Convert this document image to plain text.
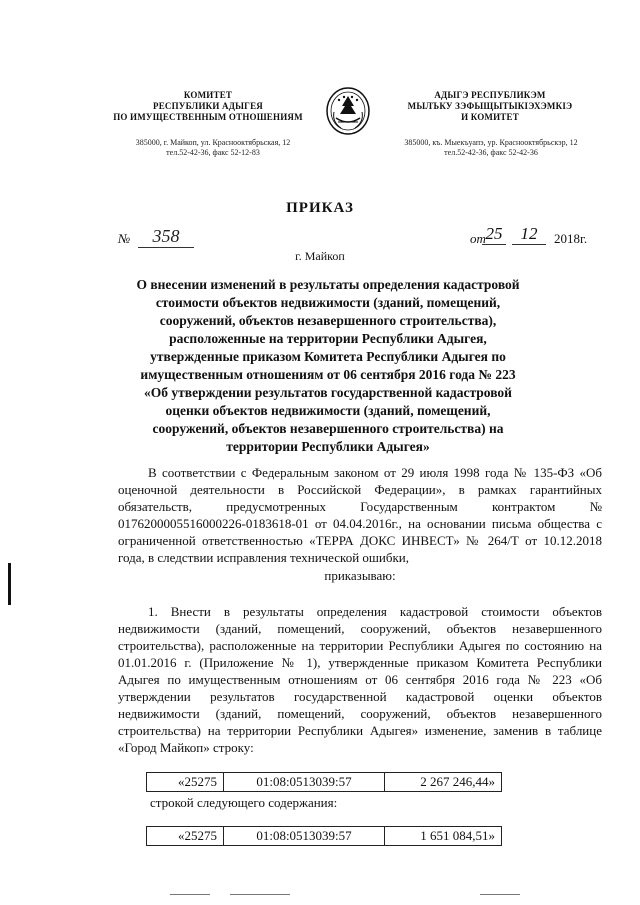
КОМИТЕТ
РЕСПУБЛИКИ АДЫГЕЯ
ПО ИМУЩЕСТВЕННЫМ ОТНОШЕНИЯМ
385000, г. Майкоп, ул. Краснооктябрьская, 12
тел.52-42-36, факс 52-12-83
АДЫГЭ РЕСПУБЛИКЭМ
МЫЛЪКУ ЗЭФЫЩЫТЫКІЭХЭМКІЭ
И КОМИТЕТ
385000, къ. Мыекъуапэ, ур. Краснооктябрьскэр, 12
тел.52-42-36, факс 52-42-36
ПРИКАЗ
№	358	от 25	12	2018г.
г. Майкоп
О внесении изменений в результаты определения кадастровой стоимости объектов недвижимости (зданий, помещений, сооружений, объектов незавершенного строительства), расположенные на территории Республики Адыгея, утвержденные приказом Комитета Республики Адыгея по имущественным отношениям от 06 сентября 2016 года № 223 «Об утверждении результатов государственной кадастровой оценки объектов недвижимости (зданий, помещений, сооружений, объектов незавершенного строительства) на территории Республики Адыгея»
В соответствии с Федеральным законом от 29 июля 1998 года № 135-ФЗ «Об оценочной деятельности в Российской Федерации», в рамках гарантийных обязательств, предусмотренных Государственным контрактом № 0176200005516000226-0183618-01 от 04.04.2016г., на основании письма общества с ограниченной ответственностью «ТЕРРА ДОКС ИНВЕСТ» № 264/Т от 10.12.2018 года, в следствии исправления технической ошибки,
приказываю:
1. Внести в результаты определения кадастровой стоимости объектов недвижимости (зданий, помещений, сооружений, объектов незавершенного строительства), расположенные на территории Республики Адыгея по состоянию на 01.01.2016 г. (Приложение № 1), утвержденные приказом Комитета Республики Адыгея по имущественным отношениям от 06 сентября 2016 года № 223 «Об утверждении результатов государственной кадастровой оценки объектов недвижимости (зданий, помещений, сооружений, объектов незавершенного строительства) на территории Республики Адыгея» изменение, заменив в таблице «Город Майкоп» строку:
«25275	01:08:0513039:57	2 267 246,44»
строкой следующего содержания:
«25275	01:08:0513039:57	1 651 084,51»
